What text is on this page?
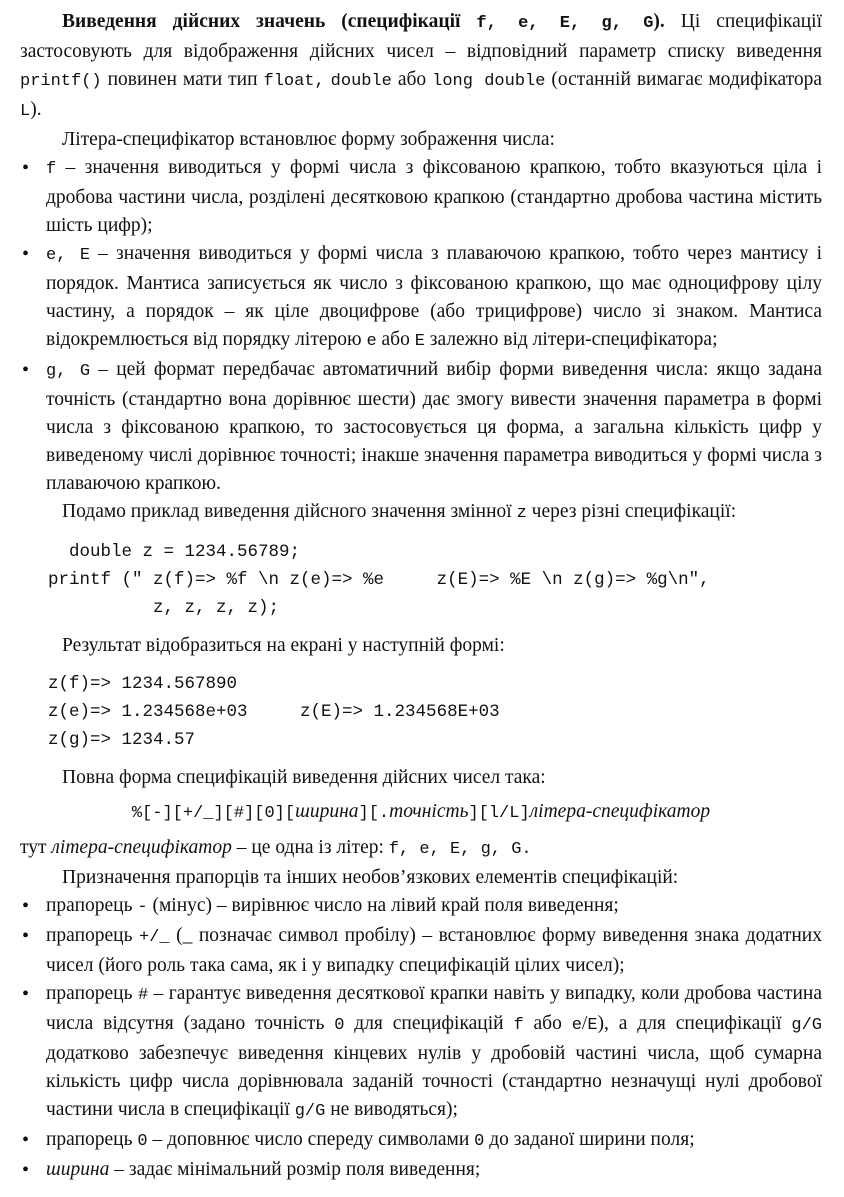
Виведення дійсних значень (специфікації f, e, E, g, G). Ці специфікації застосовують для відображення дійсних чисел – відповідний параметр списку виведення printf() повинен мати тип float, double або long double (останній вимагає модифікатора L).

Літера-специфікатор встановлює форму зображення числа:

• f – значення виводиться у формі числа з фіксованою крапкою, тобто вказуються ціла і дробова частини числа, розділені десятковою крапкою (стандартно дробова частина містить шість цифр);
• e, E – значення виводиться у формі числа з плаваючою крапкою, тобто через мантису і порядок. Мантиса записується як число з фіксованою крапкою, що має одноцифрову цілу частину, а порядок – як ціле двоцифрове (або трицифрове) число зі знаком. Мантиса відокремлюється від порядку літерою e або E залежно від літери-специфікатора;
• g, G – цей формат передбачає автоматичний вибір форми виведення числа: якщо задана точність (стандартно вона дорівнює шести) дає змогу вивести значення параметра в формі числа з фіксованою крапкою, то застосовується ця форма, а загальна кількість цифр у виведеному числі дорівнює точності; інакше значення параметра виводиться у формі числа з плаваючою крапкою.

Подамо приклад виведення дійсного значення змінної z через різні специфікації:

double z = 1234.56789;
printf (" z(f)=> %f \n z(e)=> %e     z(E)=> %E \n z(g)=> %g\n",
z, z, z, z);

Результат відобразиться на екрані у наступній формі:

z(f)=> 1234.567890
z(e)=> 1.234568e+03     z(E)=> 1.234568E+03
z(g)=> 1234.57

Повна форма специфікацій виведення дійсних чисел така:

%[-][+/_][#][0][ширина][.точність][l/L]літера-специфікатор

тут літера-специфікатор – це одна із літер: f, e, E, g, G.

Призначення прапорців та інших необов’язкових елементів специфікацій:

• прапорець - (мінус) – вирівнює число на лівий край поля виведення;
• прапорець +/_ (_ позначає символ пробілу) – встановлює форму виведення знака додатних чисел (його роль така сама, як і у випадку специфікацій цілих чисел);
• прапорець # – гарантує виведення десяткової крапки навіть у випадку, коли дробова частина числа відсутня (задано точність 0 для специфікацій f або e/E), а для специфікації g/G додатково забезпечує виведення кінцевих нулів у дробовій частині числа, щоб сумарна кількість цифр числа дорівнювала заданій точності (стандартно незначущі нулі дробової частини числа в специфікації g/G не виводяться);
• прапорець 0 – доповнює число спереду символами 0 до заданої ширини поля;
• ширина – задає мінімальний розмір поля виведення;
